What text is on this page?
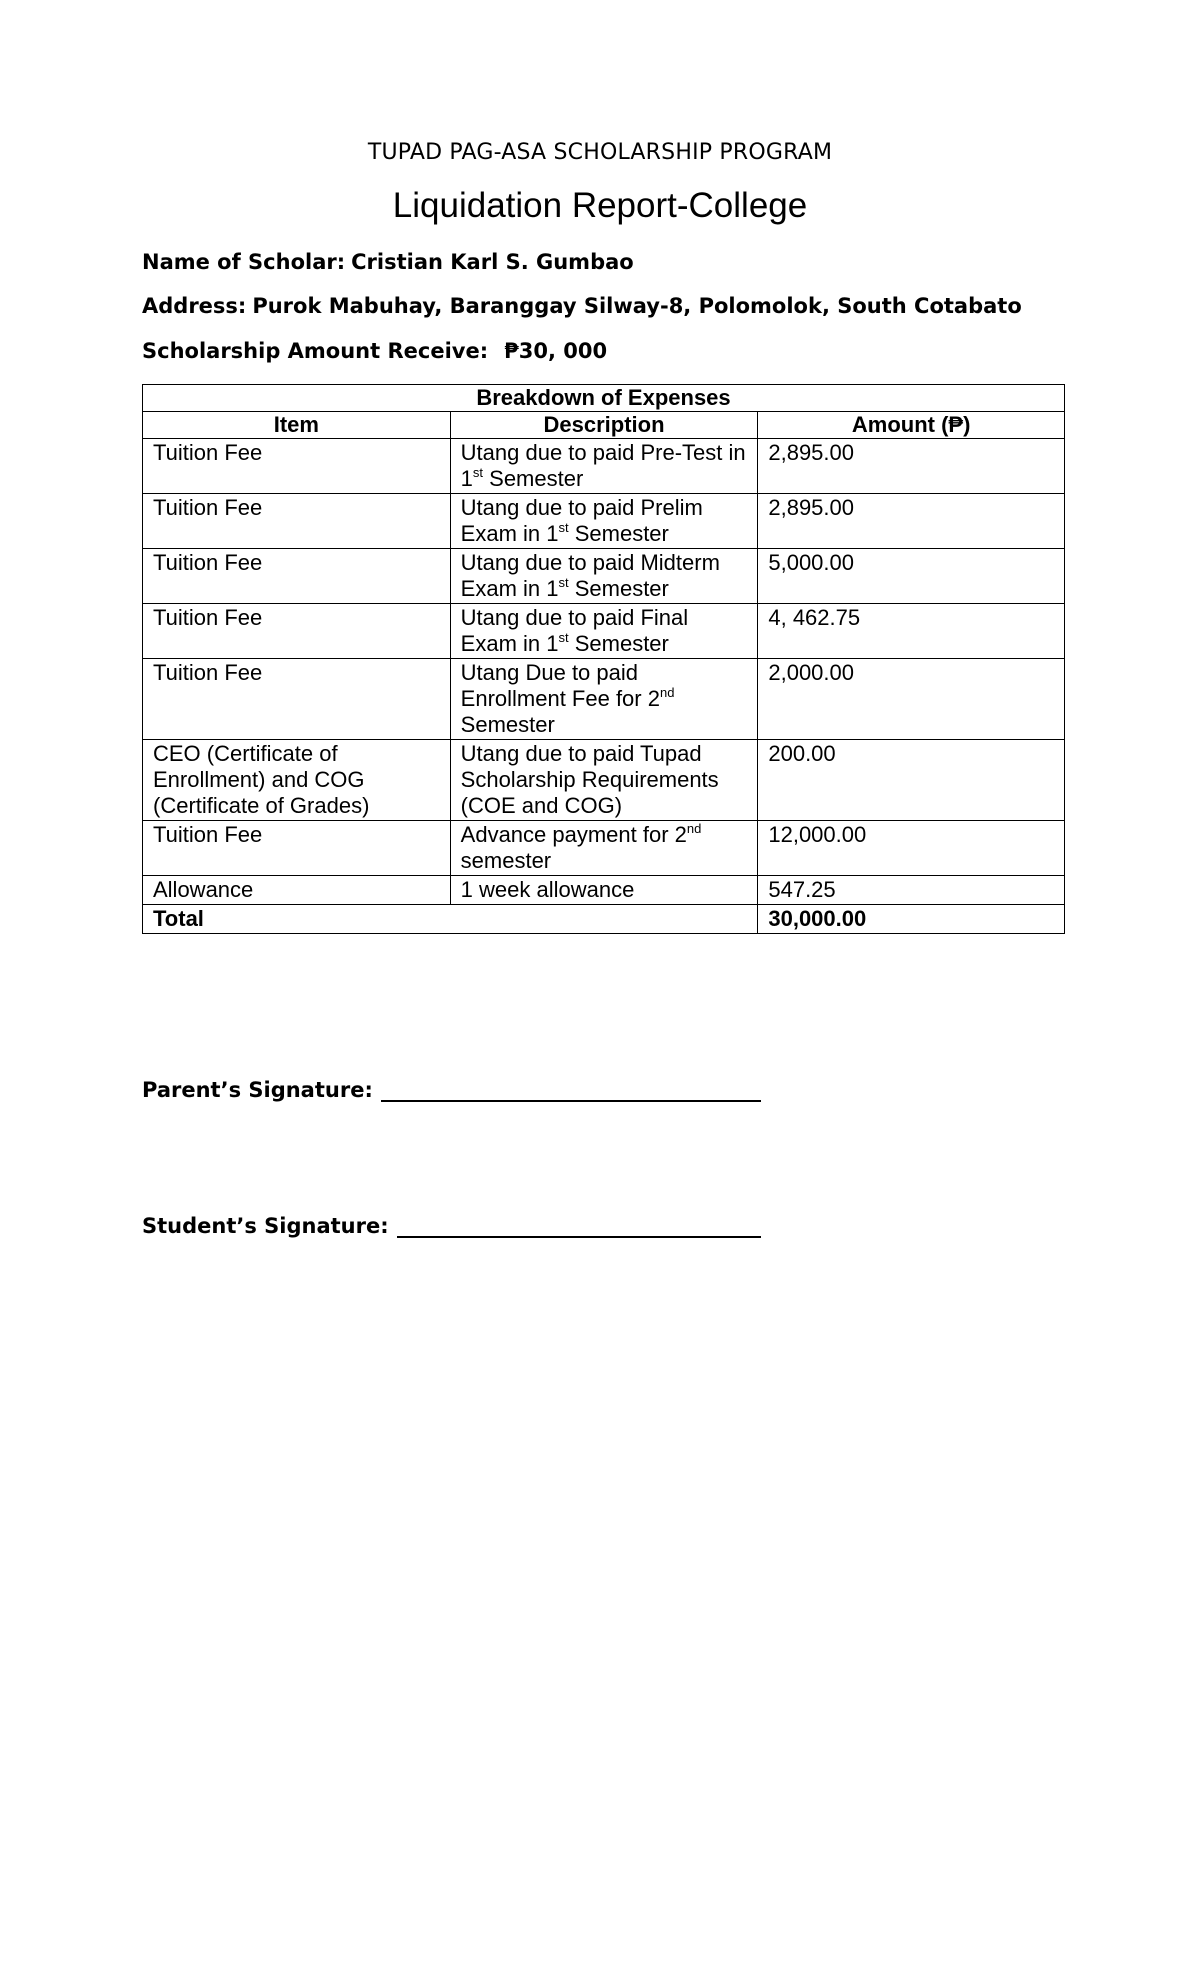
TUPAD PAG-ASA SCHOLARSHIP PROGRAM
Liquidation Report-College
Name of Scholar: Cristian Karl S. Gumbao
Address: Purok Mabuhay, Baranggay Silway-8, Polomolok, South Cotabato
Scholarship Amount Receive: ₱30, 000
Breakdown of Expenses		
Item	Description	Amount (₱)
Tuition Fee	Utang due to paid Pre-Test in 1st Semester	2,895.00
Tuition Fee	Utang due to paid Prelim Exam in 1st Semester	2,895.00
Tuition Fee	Utang due to paid Midterm Exam in 1st Semester	5,000.00
Tuition Fee	Utang due to paid Final Exam in 1st Semester	4, 462.75
Tuition Fee	Utang Due to paid Enrollment Fee for 2nd Semester	2,000.00
CEO (Certificate of Enrollment) and COG (Certificate of Grades)	Utang due to paid Tupad Scholarship Requirements (COE and COG)	200.00
Tuition Fee	Advance payment for 2nd semester	12,000.00
Allowance	1 week allowance	547.25
Total		30,000.00
Parent’s Signature:
Student’s Signature:
